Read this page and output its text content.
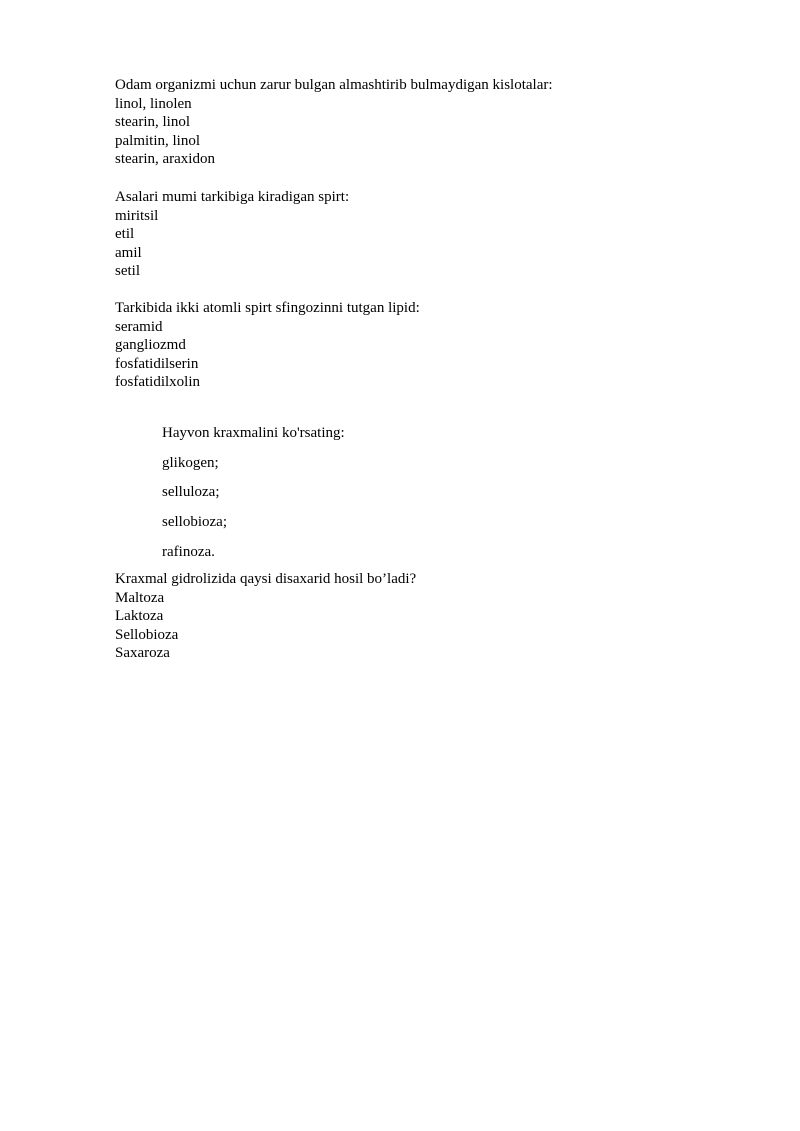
Odam organizmi uchun zarur bulgan almashtirib bulmaydigan kislotalar:
linol, linolen
stearin, linol
palmitin, linol
stearin, araxidon
Asalari mumi tarkibiga kiradigan spirt:
miritsil
etil
amil
setil
Tarkibida ikki atomli spirt sfingozinni tutgan lipid:
seramid
gangliozmd
fosfatidilserin
fosfatidilxolin
Hayvon kraxmalini ko'rsating:
glikogen;
selluloza;
sellobioza;
rafinoza.
Kraxmal gidrolizida qaysi disaxarid hosil bo’ladi?
Maltoza
Laktoza
Sellobioza
Saxaroza
